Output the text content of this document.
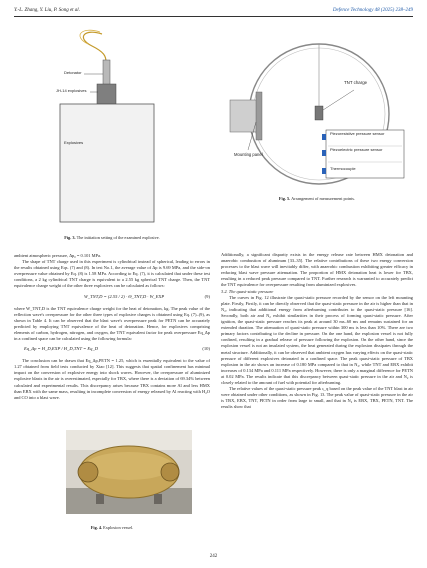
Y.-L. Zhang, Y. Liu, P. Song et al.	Defence Technology 48 (2025) 238–249
Detonator
JH-14 explosives
Explosives
Fig. 3. The initiation setting of the examined explosive.
TNT charge
Mounting panel
Piezoresistive pressure sensor
Piezoelectric pressure sensor
Thermocouple
Fig. 5. Arrangement of measurement points.

ambient atmospheric pressure, Δp₀ = 0.101 MPa.

The shape of TNT charge used in this experiment is cylindrical instead of spherical, leading to errors in the results obtained using Eqs. (7) and (8). In test No.1, the average value of Δp is 9.69 MPa, and the side-on overpressure value obtained by Eq. (8) is 1.58 MPa. According to Eq. (7), it is calculated that under these test conditions, a 2 kg cylindrical TNT charge is equivalent to a 2.55 kg spherical TNT charge. Then, the TNT equivalence charge weight of the other three explosives can be calculated as follows:

W_TNT,D = (2.55 / 2) · Θ_TNT,D · W_EXP	(9)

where W_TNT,D is the TNT equivalence charge weight for the heat of detonation, kg. The peak value of the reflection wave's overpressure for the other three types of explosive charges is obtained using Eq. (7)–(9), as shown in Table 4. It can be observed that the blast wave's overpressure peak for PETN can be accurately predicted by employing TNT equivalence of the heat of detonation. Hence, for explosives comprising elements of carbon, hydrogen, nitrogen, and oxygen, the TNT equivalent factor for peak overpressure Eq_Δp in a confined space can be calculated using the following formula:

Eq_Δp = H_D,EXP / H_D,TNT = Eq_D	(10)

The conclusion can be drawn that Eq_Δp,PETN = 1.25, which is essentially equivalent to the value of 1.27 obtained from field tests conducted by Xiao [12]. This suggests that spatial confinement has minimal impact on the conversion of explosive energy into shock waves. However, the overpressure of aluminized explosive blasts in the air is overestimated, especially for TBX, where there is a deviation of 69.34% between calculated and experimental results. This discrepancy arises because TBX contains more Al and less HMX than EBX with the same mass, resulting in incomplete conversion of energy released by Al reacting with H₂O and CO into a blast wave.

Fig. 4. Explosion vessel.

Additionally, a significant disparity exists in the energy release rate between HMX detonation and anaerobic combustion of aluminum [33–35]. The relative contributions of these two energy conversion processes to the blast wave will inevitably differ, with anaerobic combustion exhibiting greater efficacy in reducing blast wave pressure attenuation. The proportion of HMX detonation heat is lower for TBX, resulting in a reduced peak pressure compared to TNT. Further research is warranted to accurately predict the TNT equivalence for overpressure resulting from aluminized explosives.

3.2. The quasi-static pressure

The curves in Fig. 12 illustrate the quasi-static pressure recorded by the sensor on the left mounting plate. Firstly, Firstly, it can be directly observed that the quasi-static pressure in the air is higher than that in N₂, indicating that additional energy from afterburning contributes to the quasi-static pressure [16]. Secondly, both air and N₂ exhibit similarities in their process of forming quasi-static pressure. After ignition, the quasi-static pressure reaches its peak at around 30 ms–60 ms and remains sustained for an extended duration. The attenuation of quasi-static pressure within 300 ms is less than 10%. There are two primary factors contributing to the decline in pressure. On the one hand, the explosion vessel is not fully confined, resulting in a gradual release of pressure following the explosion. On the other hand, since the explosion vessel is not an insulated system, the heat generated during the explosion dissipates through the metal structure. Additionally, it can be observed that ambient oxygen has varying effects on the quasi-static pressure of different explosives detonated in a confined space. The peak quasi-static pressure of TBX explosion in the air shows an increase of 0.180 MPa compared to that in N₂, while TNT and EBX exhibit increases of 0.134 MPa and 0.111 MPa respectively. However, there is only a marginal difference for PETN at 0.02 MPa. The results indicate that this discrepancy between quasi-static pressure in the air and N₂ is closely related to the amount of fuel with potential for afterburning.

The relative values of the quasi-static pressure peak ς_q based on the peak value of the TNT blast in air were obtained under other conditions, as shown in Fig. 13. The peak value of quasi-static pressure in the air is TBX, EBX, TNT, PETN in order from large to small, and that in N₂ is EBX, TBX, PETN, TNT. The results show that

242
